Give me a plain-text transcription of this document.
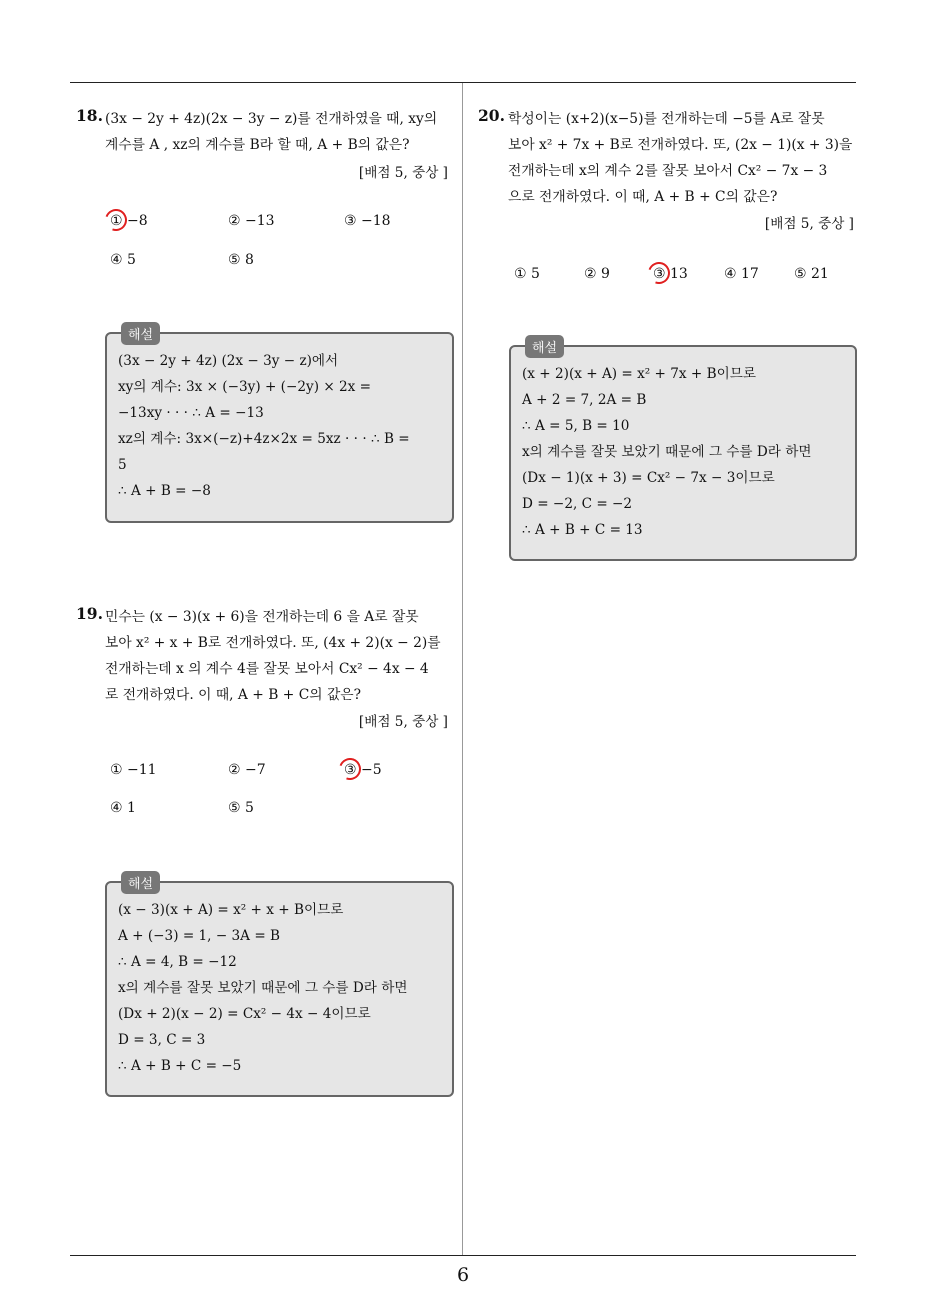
6
18. (3x − 2y + 4z)(2x − 3y − z)를 전개하였을 때, xy의
계수를 A , xz의 계수를 B라 할 때, A + B의 값은?
[배점 5, 중상 ]
① −8	② −13	③ −18
④ 5	⑤ 8
해설
(3x − 2y + 4z) (2x − 3y − z)에서
xy의 계수: 3x × (−3y) + (−2y) × 2x =
−13xy · · · ∴ A = −13
xz의 계수: 3x×(−z)+4z×2x = 5xz · · · ∴ B =
5
∴ A + B = −8
19. 민수는 (x − 3)(x + 6)을 전개하는데 6 을 A로 잘못
보아 x² + x + B로 전개하였다. 또, (4x + 2)(x − 2)를
전개하는데 x 의 계수 4를 잘못 보아서 Cx² − 4x − 4
로 전개하였다. 이 때, A + B + C의 값은?
[배점 5, 중상 ]
① −11	② −7	③ −5
④ 1	⑤ 5
해설
(x − 3)(x + A) = x² + x + B이므로
A + (−3) = 1, − 3A = B
∴ A = 4, B = −12
x의 계수를 잘못 보았기 때문에 그 수를 D라 하면
(Dx + 2)(x − 2) = Cx² − 4x − 4이므로
D = 3, C = 3
∴ A + B + C = −5
20. 학성이는 (x+2)(x−5)를 전개하는데 −5를 A로 잘못
보아 x² + 7x + B로 전개하였다. 또, (2x − 1)(x + 3)을
전개하는데 x의 계수 2를 잘못 보아서 Cx² − 7x − 3
으로 전개하였다. 이 때, A + B + C의 값은?
[배점 5, 중상 ]
① 5	② 9	③ 13	④ 17	⑤ 21
해설
(x + 2)(x + A) = x² + 7x + B이므로
A + 2 = 7, 2A = B
∴ A = 5, B = 10
x의 계수를 잘못 보았기 때문에 그 수를 D라 하면
(Dx − 1)(x + 3) = Cx² − 7x − 3이므로
D = −2, C = −2
∴ A + B + C = 13
